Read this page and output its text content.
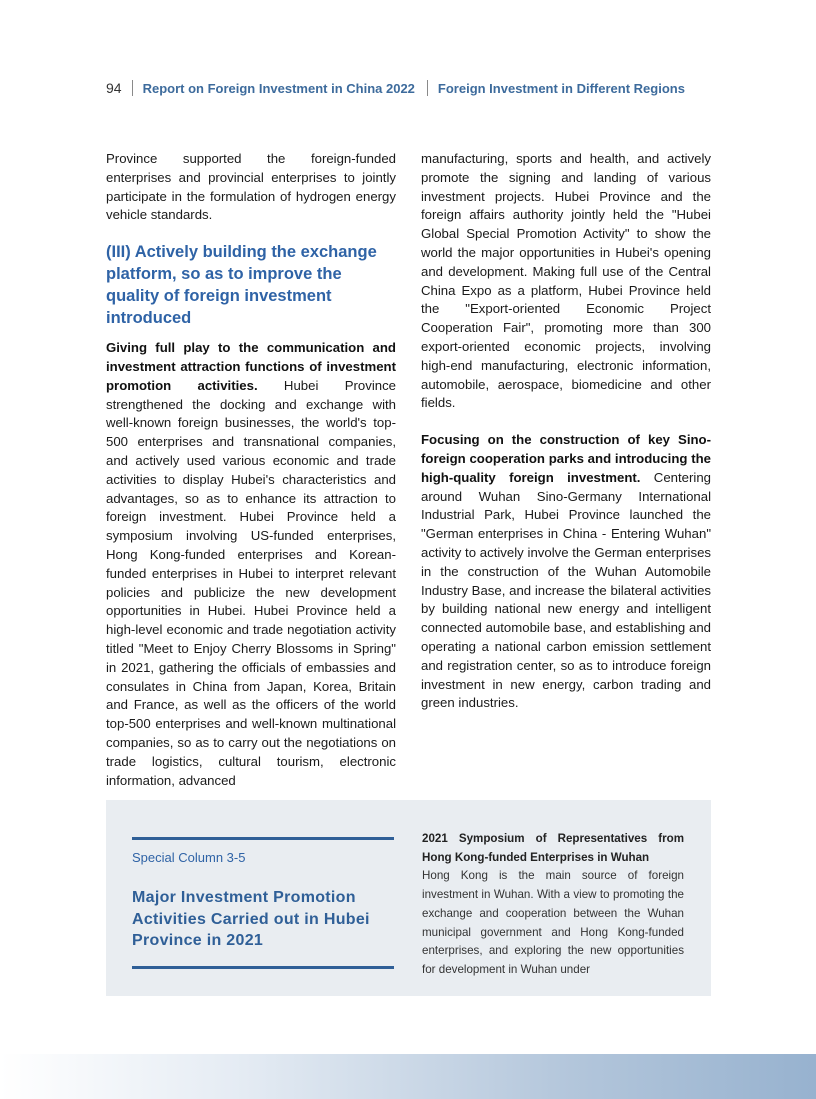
94 Report on Foreign Investment in China 2022 Foreign Investment in Different Regions

Province supported the foreign-funded enterprises and provincial enterprises to jointly participate in the formulation of hydrogen energy vehicle standards.

(III) Actively building the exchange platform, so as to improve the quality of foreign investment introduced

Giving full play to the communication and investment attraction functions of investment promotion activities. Hubei Province strengthened the docking and exchange with well-known foreign businesses, the world's top-500 enterprises and transnational companies, and actively used various economic and trade activities to display Hubei's characteristics and advantages, so as to enhance its attraction to foreign investment. Hubei Province held a symposium involving US-funded enterprises, Hong Kong-funded enterprises and Korean-funded enterprises in Hubei to interpret relevant policies and publicize the new development opportunities in Hubei. Hubei Province held a high-level economic and trade negotiation activity titled "Meet to Enjoy Cherry Blossoms in Spring" in 2021, gathering the officials of embassies and consulates in China from Japan, Korea, Britain and France, as well as the officers of the world top-500 enterprises and well-known multinational companies, so as to carry out the negotiations on trade logistics, cultural tourism, electronic information, advanced

manufacturing, sports and health, and actively promote the signing and landing of various investment projects. Hubei Province and the foreign affairs authority jointly held the "Hubei Global Special Promotion Activity" to show the world the major opportunities in Hubei's opening and development. Making full use of the Central China Expo as a platform, Hubei Province held the "Export-oriented Economic Project Cooperation Fair", promoting more than 300 export-oriented economic projects, involving high-end manufacturing, electronic information, automobile, aerospace, biomedicine and other fields.

Focusing on the construction of key Sino-foreign cooperation parks and introducing the high-quality foreign investment. Centering around Wuhan Sino-Germany International Industrial Park, Hubei Province launched the "German enterprises in China - Entering Wuhan" activity to actively involve the German enterprises in the construction of the Wuhan Automobile Industry Base, and increase the bilateral activities by building national new energy and intelligent connected automobile base, and establishing and operating a national carbon emission settlement and registration center, so as to introduce foreign investment in new energy, carbon trading and green industries.

Special Column 3-5
Major Investment Promotion Activities Carried out in Hubei Province in 2021
2021 Symposium of Representatives from Hong Kong-funded Enterprises in Wuhan
Hong Kong is the main source of foreign investment in Wuhan. With a view to promoting the exchange and cooperation between the Wuhan municipal government and Hong Kong-funded enterprises, and exploring the new opportunities for development in Wuhan under
